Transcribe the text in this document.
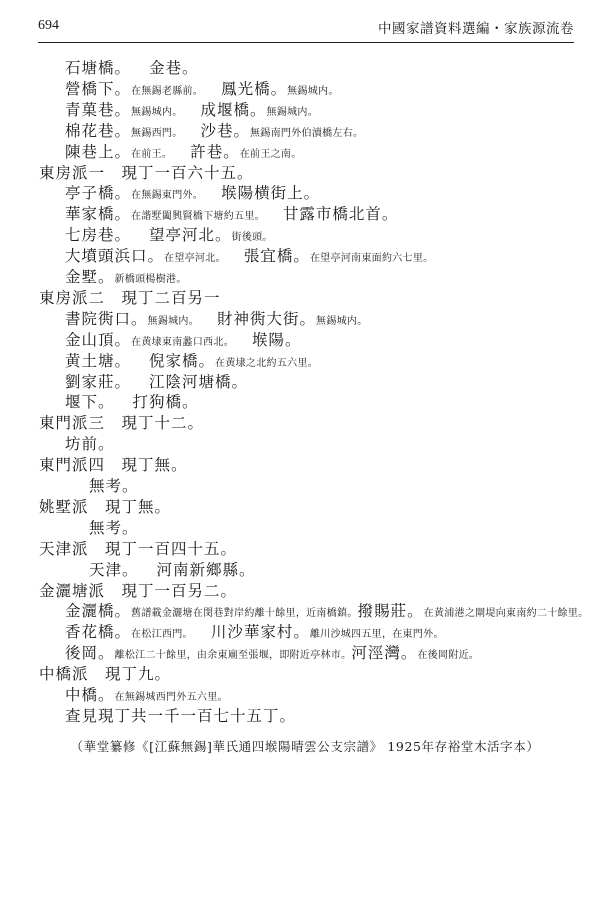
694	中國家譜資料選編・家族源流卷
石塘橋。 金巷。
營橋下。在無錫老縣前。 鳳光橋。無錫城内。
青菓巷。無錫城内。 成堰橋。無錫城内。
棉花巷。無錫西門。 沙巷。無錫南門外伯瀆橋左右。
陳巷上。在前王。 許巷。在前王之南。
東房派一　現丁一百六十五。
亭子橋。在無錫東門外。 堠陽横街上。
華家橋。在諧墅闔興賢橋下塘約五里。 甘露市橋北首。
七房巷。 望亭河北。街後頭。
大墳頭浜口。在望亭河北。 張宜橋。在望亭河南東面約六七里。
金墅。新橋頭楊樹港。
東房派二　現丁二百另一
書院衖口。無錫城内。 財神衖大街。無錫城内。
金山頂。在黄埭東南蠡口西北。 堠陽。
黄土塘。 倪家橋。在黄埭之北約五六里。
劉家莊。 江陰河塘橋。
堰下。 打狗橋。
東門派三　現丁十二。
坊前。
東門派四　現丁無。
無考。
姚墅派　現丁無。
無考。
天津派　現丁一百四十五。
天津。 河南新鄉縣。
金灑塘派　現丁一百另二。
金灑橋。舊譜載金灑塘在閔巷對岸約離十餘里，近南橋鎮。撥賜莊。在黄浦港之閘堤向東南約二十餘里。
香花橋。在松江西門。 川沙華家村。離川沙城四五里，在東門外。
後岡。離松江二十餘里，由余東廟至張堰，即附近亭林市。河涇灣。在後岡附近。
中橋派　現丁九。
中橋。在無錫城西門外五六里。
查見現丁共一千一百七十五丁。
（華堂纂修《[江蘇無錫]華氏通四堠陽晴雲公支宗譜》 1925年存裕堂木活字本）
